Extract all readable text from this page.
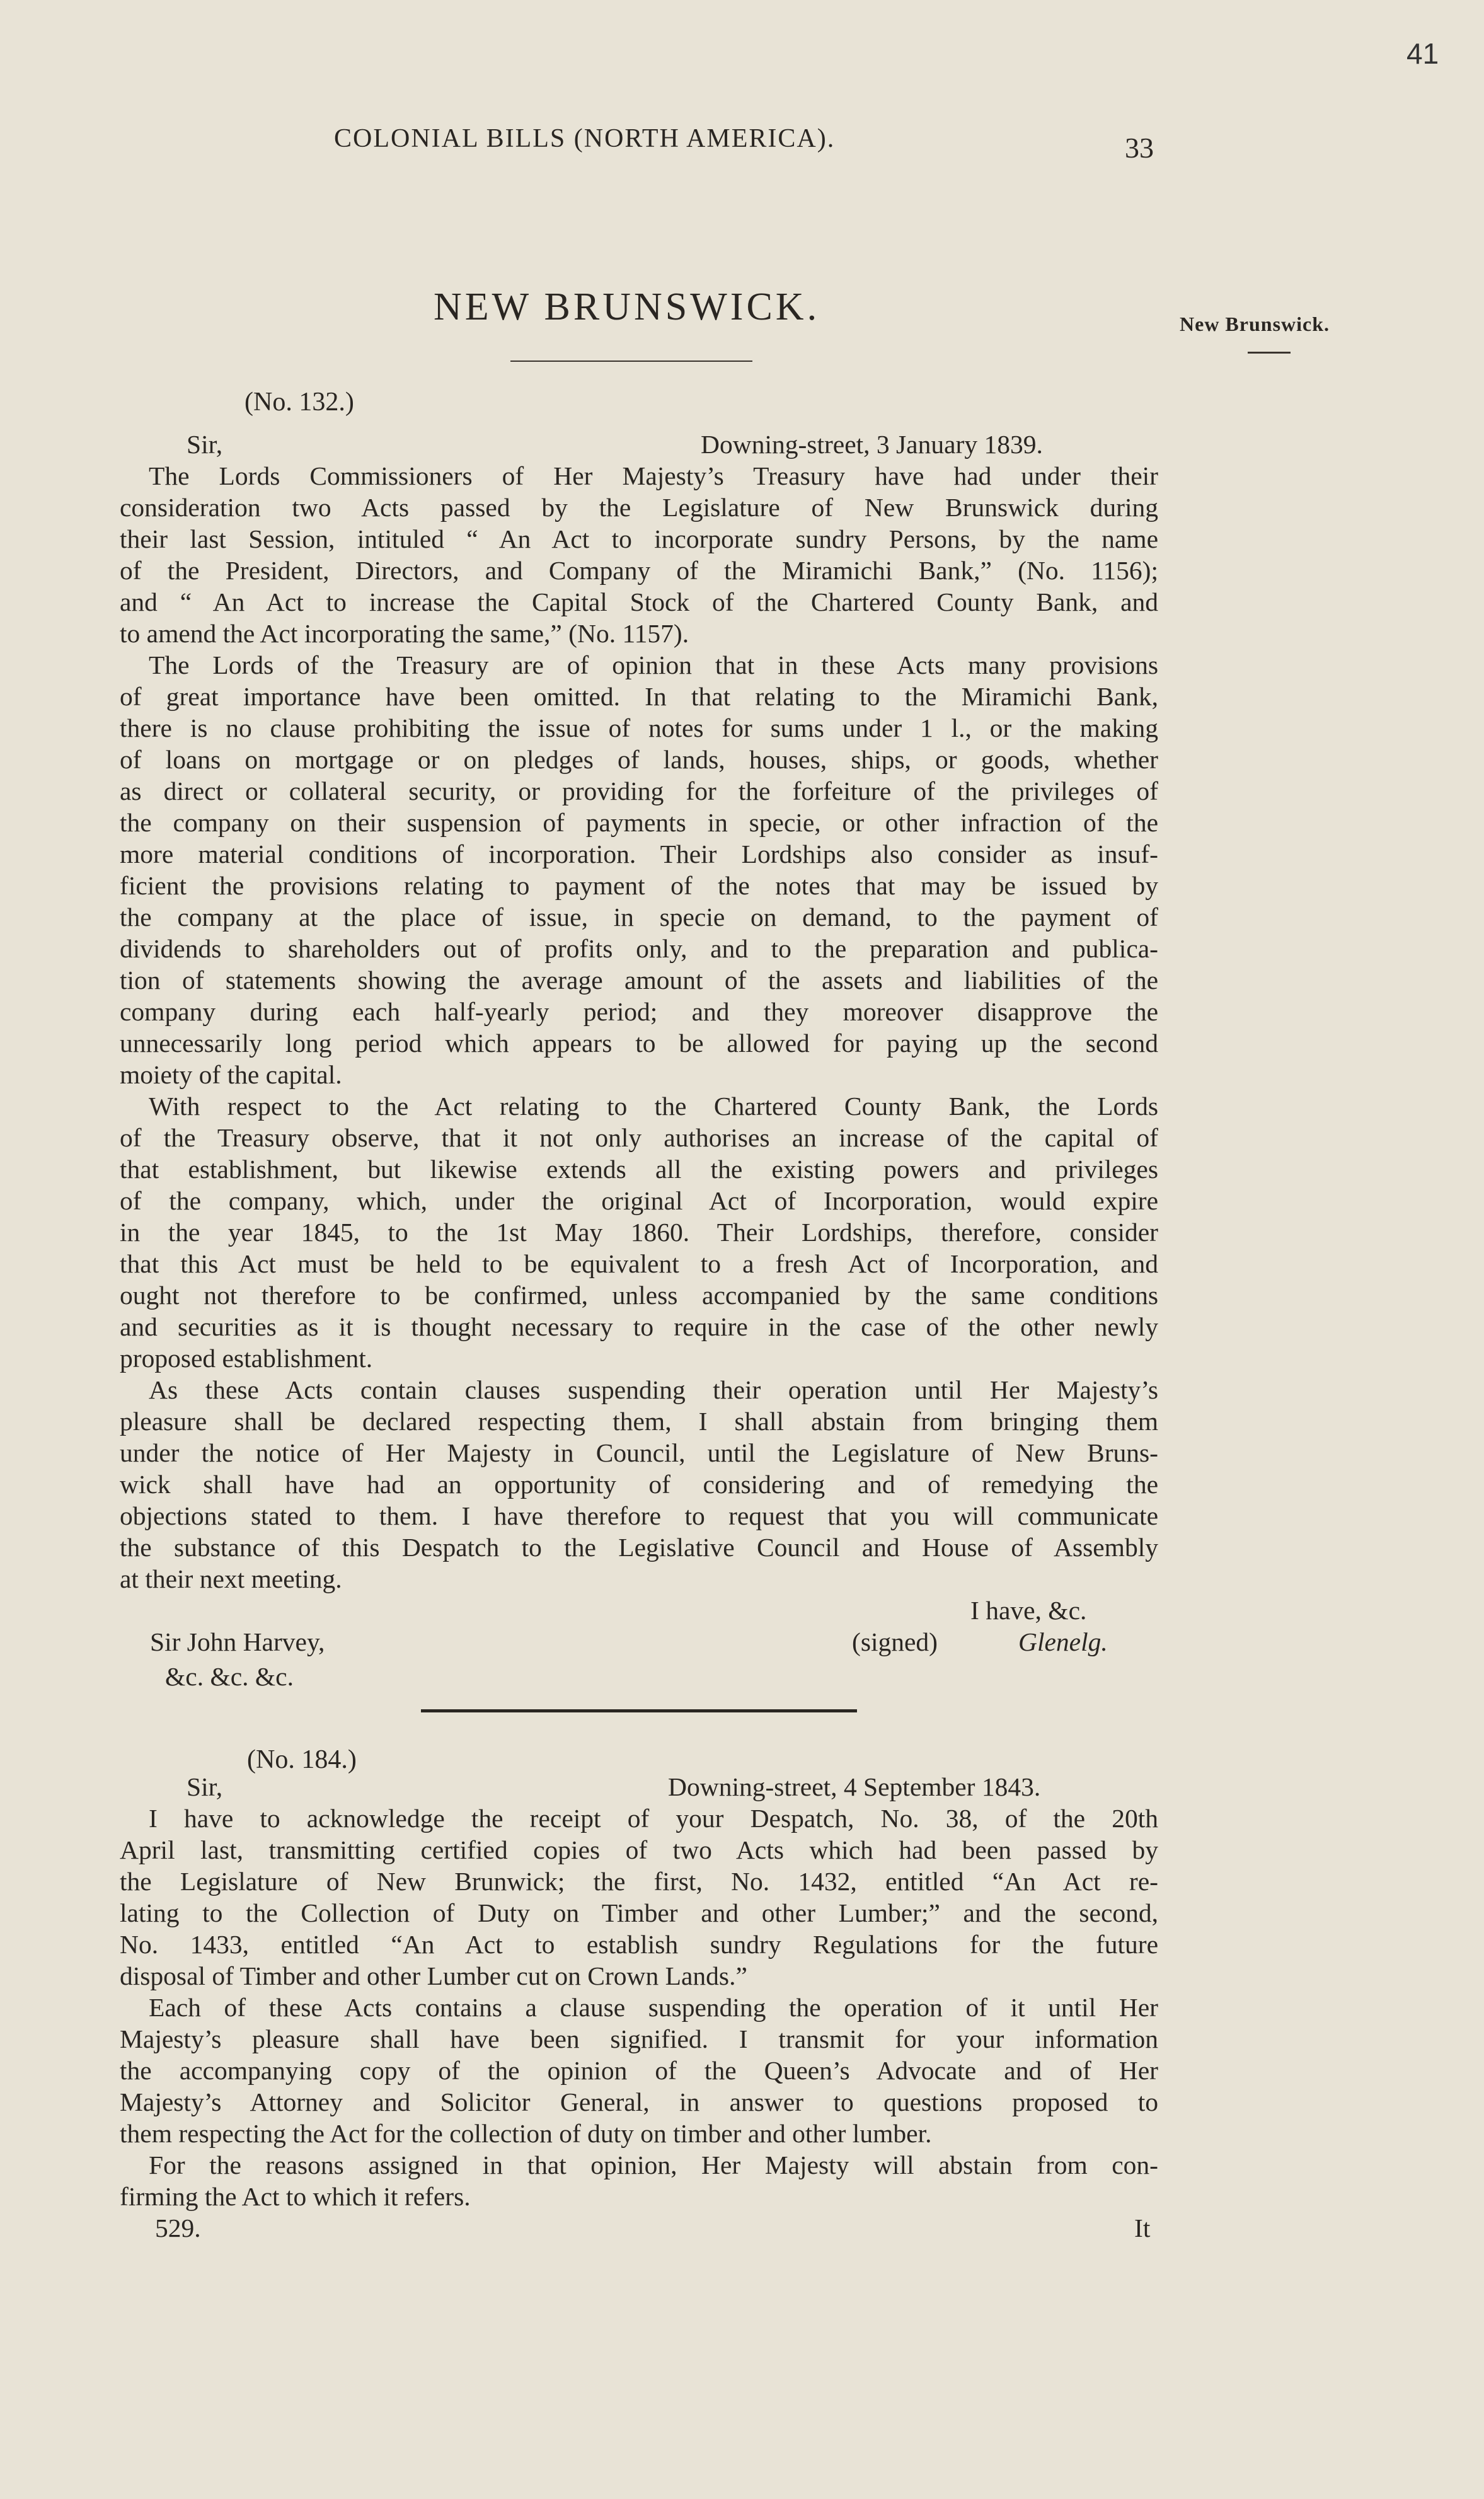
41
COLONIAL BILLS (NORTH AMERICA).	33
NEW BRUNSWICK.	New Brunswick.
(No. 132.)
Sir,	Downing-street, 3 January 1839.
The Lords Commissioners of Her Majesty’s Treasury have had under their
consideration two Acts passed by the Legislature of New Brunswick during
their last Session, intituled “ An Act to incorporate sundry Persons, by the name
of the President, Directors, and Company of the Miramichi Bank,” (No. 1156);
and “ An Act to increase the Capital Stock of the Chartered County Bank, and
to amend the Act incorporating the same,” (No. 1157).
The Lords of the Treasury are of opinion that in these Acts many provisions
of great importance have been omitted. In that relating to the Miramichi Bank,
there is no clause prohibiting the issue of notes for sums under 1 l., or the making
of loans on mortgage or on pledges of lands, houses, ships, or goods, whether
as direct or collateral security, or providing for the forfeiture of the privileges of
the company on their suspension of payments in specie, or other infraction of the
more material conditions of incorporation. Their Lordships also consider as insuf-
ficient the provisions relating to payment of the notes that may be issued by
the company at the place of issue, in specie on demand, to the payment of
dividends to shareholders out of profits only, and to the preparation and publica-
tion of statements showing the average amount of the assets and liabilities of the
company during each half-yearly period; and they moreover disapprove the
unnecessarily long period which appears to be allowed for paying up the second
moiety of the capital.
With respect to the Act relating to the Chartered County Bank, the Lords
of the Treasury observe, that it not only authorises an increase of the capital of
that establishment, but likewise extends all the existing powers and privileges
of the company, which, under the original Act of Incorporation, would expire
in the year 1845, to the 1st May 1860. Their Lordships, therefore, consider
that this Act must be held to be equivalent to a fresh Act of Incorporation, and
ought not therefore to be confirmed, unless accompanied by the same conditions
and securities as it is thought necessary to require in the case of the other newly
proposed establishment.
As these Acts contain clauses suspending their operation until Her Majesty’s
pleasure shall be declared respecting them, I shall abstain from bringing them
under the notice of Her Majesty in Council, until the Legislature of New Bruns-
wick shall have had an opportunity of considering and of remedying the
objections stated to them. I have therefore to request that you will communicate
the substance of this Despatch to the Legislative Council and House of Assembly
at their next meeting.
I have, &c.
Sir John Harvey,	(signed)	Glenelg.
&c. &c. &c.
(No. 184.)
Sir,	Downing-street, 4 September 1843.
I have to acknowledge the receipt of your Despatch, No. 38, of the 20th
April last, transmitting certified copies of two Acts which had been passed by
the Legislature of New Brunwick; the first, No. 1432, entitled “An Act re-
lating to the Collection of Duty on Timber and other Lumber;” and the second,
No. 1433, entitled “An Act to establish sundry Regulations for the future
disposal of Timber and other Lumber cut on Crown Lands.”
Each of these Acts contains a clause suspending the operation of it until Her
Majesty’s pleasure shall have been signified. I transmit for your information
the accompanying copy of the opinion of the Queen’s Advocate and of Her
Majesty’s Attorney and Solicitor General, in answer to questions proposed to
them respecting the Act for the collection of duty on timber and other lumber.
For the reasons assigned in that opinion, Her Majesty will abstain from con-
firming the Act to which it refers.
529.	It
